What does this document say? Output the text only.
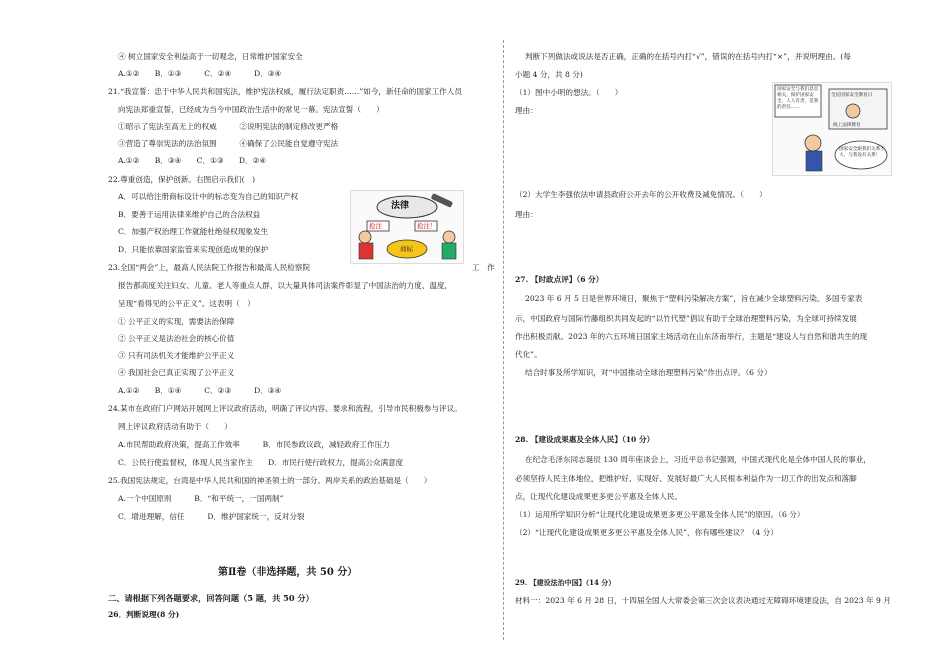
④ 树立国家安全利益高于一切观念，日常维护国家安全
A.①②　　B．①③　　　C．②④　　　D．③④
21.“我宣誓：忠于中华人民共和国宪法，维护宪法权威，履行法定职责……”如今，新任命的国家工作人员
向宪法郑重宣誓，已经成为当今中国政治生活中的常见一幕。宪法宣誓（　　）
①昭示了宪法至高无上的权威　　　②说明宪法的制定修改更严格
③营造了尊崇宪法的法治氛围　　　④确保了公民能自觉遵守宪法
A.①②　　B．③④　　C．①③　　D．②④
22.尊重创造，保护创新。右图启示我们(　)
A．可以给注册商标设计中的标志变为自己的知识产权
B．要善于运用法律来维护自己的合法权益
C．加强产权治理工作就能杜绝侵权现象发生
D．只能依靠国家监管来实现创造成果的保护
23.全国“两会”上，最高人民法院工作报告和最高人民检察院	工　作
报告都高度关注妇女、儿童、老人等重点人群，以大量具体司法案件彰显了中国法治的力度、温度，
呈现“看得见的公平正义”。这表明（　）
① 公平正义的实现，需要法治保障
② 公平正义是法治社会的核心价值
③ 只有司法机关才能维护公平正义
④ 我国社会已真正实现了公平正义
A.①②　　B．①④　　　C．②③　　　D．③④
24.某市在政府门户网站开展网上评议政府活动，明确了评议内容、要求和流程，引导市民积极参与评议。
网上评议政府活动有助于（　　）
A.市民帮助政府决策，提高工作效率　　　B．市民参政议政，减轻政府工作压力
C．公民行使监督权，体现人民当家作主　　D．市民行使行政权力，提高公众满意度
25.我国宪法规定，台湾是中华人民共和国的神圣领土的一部分。两岸关系的政治基础是（　　）
A.一个中国原则　　　B．“和平统一，一国两制”
C．增进理解，信任　　　D．维护国家统一，反对分裂
第Ⅱ卷（非选择题，共 50 分）
二、请根据下列各题要求，回答问题（5 题，共 50 分）
26．判断说理(8 分)
法律
抢注	抢注！
商标
判断下列做法或说法是否正确，正确的在括号内打“√”，错误的在括号内打“×”，并说明理由。(每
小题 4 分，共 8 分)
（1）图中小明的想法。（　　）
理由：
（2）大学生李强依法申请县政府公开去年的公开收费及减免情况。（　　）
理由：
27. 【时政点评】（6 分）
2023 年 6 月 5 日是世界环境日，聚焦于“塑料污染解决方案”，旨在减少全球塑料污染。多国专家表
示，中国政府与国际竹藤组织共同发起的“以竹代塑”倡议有助于全球治理塑料污染，为全球可持续发展
作出积极贡献。2023 年的六五环境日国家主场活动在山东济南举行，主题是“建设人与自然和谐共生的现
代化”。
结合时事及所学知识，对“中国推动全球治理塑料污染”作出点评。（6 分）
28. 【建设成果惠及全体人民】（10 分）
在纪念毛泽东同志诞辰 130 周年座谈会上，习近平总书记强调，中国式现代化是全体中国人民的事业，
必须坚持人民主体地位，把维护好、实现好、发展好最广大人民根本利益作为一切工作的出发点和落脚
点，让现代化建设成果更多更公平惠及全体人民。
（1）运用所学知识分析“让现代化建设成果更多更公平惠及全体人民”的原因。（6 分）
（2）“让现代化建设成果更多更公平惠及全体人民”，你有哪些建议？（4 分）
29. 【建设法治中国】（14 分）
材料一：2023 年 6 月 28 日，十四届全国人大常委会第三次会议表决通过无障碍环境建设法，自 2023 年 9 月
国家安全与我们息息相关，保护国家安全，人人有责，是我的责任……
全民国家安全教育日
线上法律教育
国家安全跟我们关系不大，与我没有关系！
